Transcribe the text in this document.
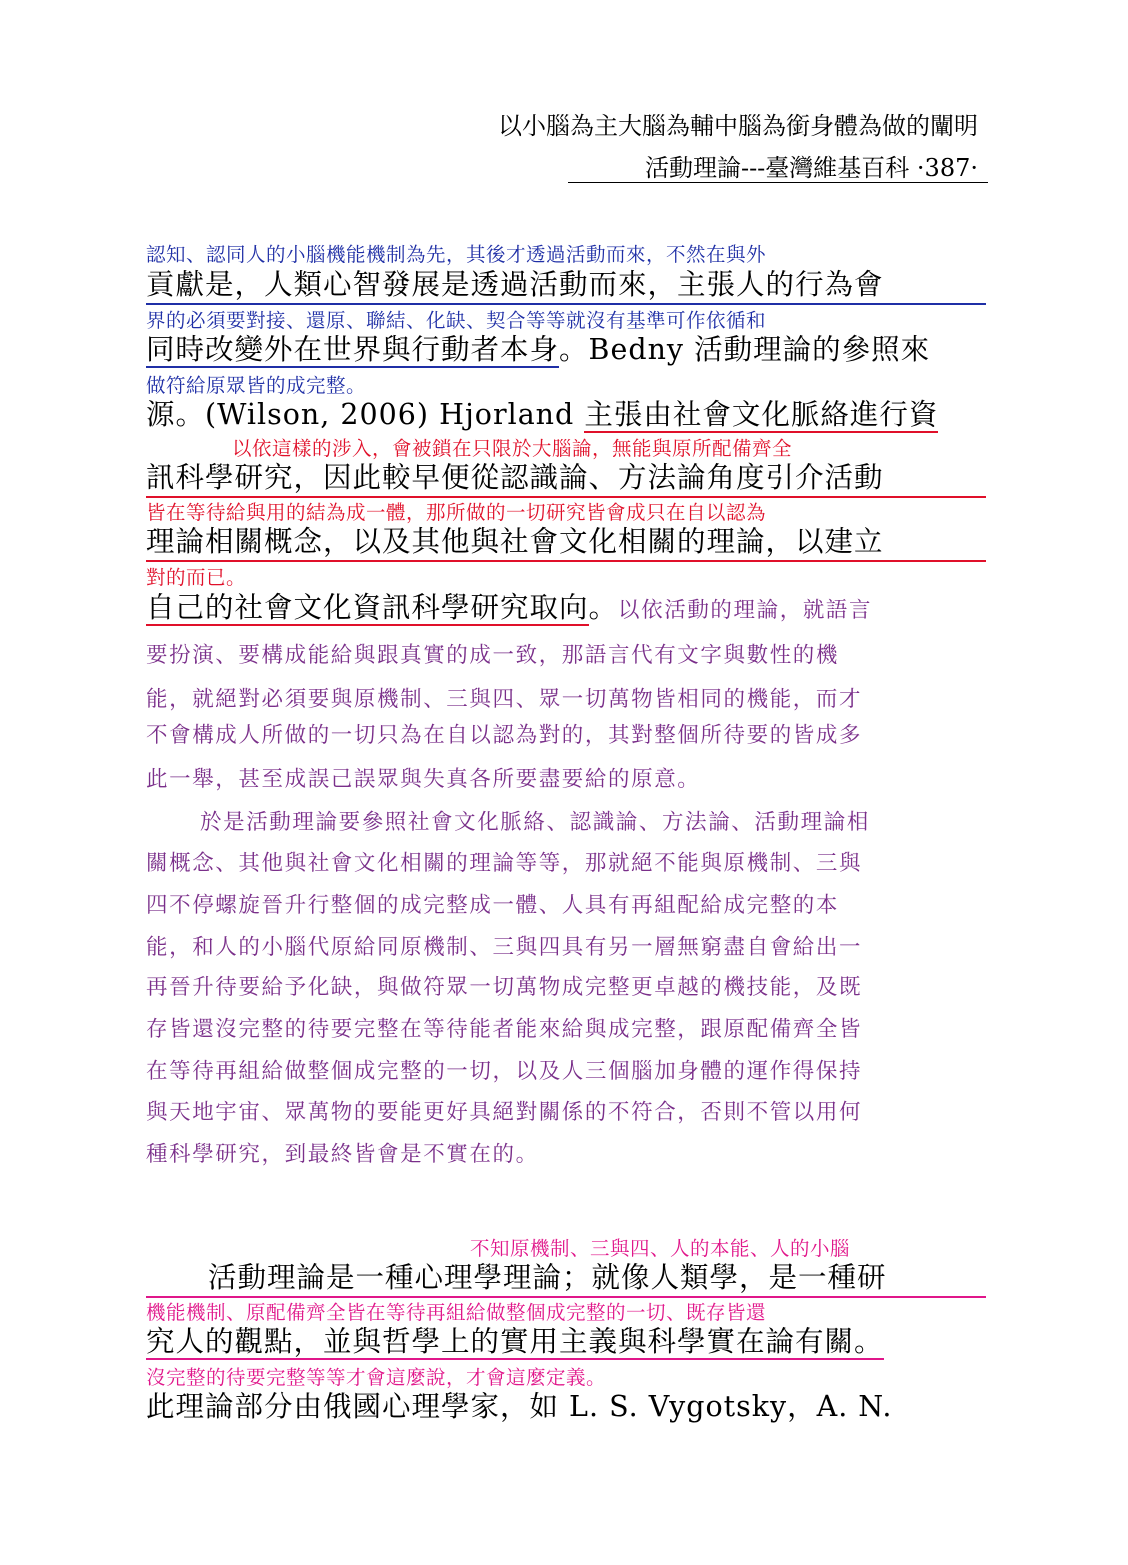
以小腦為主大腦為輔中腦為銜身體為做的闡明
活動理論---臺灣維基百科 ·387·
認知、認同人的小腦機能機制為先，其後才透過活動而來，不然在與外
貢獻是，人類心智發展是透過活動而來，主張人的行為會
界的必須要對接、還原、聯結、化缺、契合等等就沒有基準可作依循和
同時改變外在世界與行動者本身。Bedny 活動理論的參照來
做符給原眾皆的成完整。
源。(Wilson, 2006) Hjorland 主張由社會文化脈絡進行資
以依這樣的涉入，會被鎖在只限於大腦論，無能與原所配備齊全
訊科學研究，因此較早便從認識論、方法論角度引介活動
皆在等待給與用的結為成一體，那所做的一切研究皆會成只在自以認為
理論相關概念，以及其他與社會文化相關的理論，以建立
對的而已。
自己的社會文化資訊科學研究取向。以依活動的理論，就語言
要扮演、要構成能給與跟真實的成一致，那語言代有文字與數性的機
能，就絕對必須要與原機制、三與四、眾一切萬物皆相同的機能，而才
不會構成人所做的一切只為在自以認為對的，其對整個所待要的皆成多
此一舉，甚至成誤己誤眾與失真各所要盡要給的原意。
於是活動理論要參照社會文化脈絡、認識論、方法論、活動理論相
關概念、其他與社會文化相關的理論等等，那就絕不能與原機制、三與
四不停螺旋晉升行整個的成完整成一體、人具有再組配給成完整的本
能，和人的小腦代原給同原機制、三與四具有另一層無窮盡自會給出一
再晉升待要給予化缺，與做符眾一切萬物成完整更卓越的機技能，及既
存皆還沒完整的待要完整在等待能者能來給與成完整，跟原配備齊全皆
在等待再組給做整個成完整的一切，以及人三個腦加身體的運作得保持
與天地宇宙、眾萬物的要能更好具絕對關係的不符合，否則不管以用何
種科學研究，到最終皆會是不實在的。
不知原機制、三與四、人的本能、人的小腦
活動理論是一種心理學理論；就像人類學，是一種研
機能機制、原配備齊全皆在等待再組給做整個成完整的一切、既存皆還
究人的觀點，並與哲學上的實用主義與科學實在論有關。
沒完整的待要完整等等才會這麼說，才會這麼定義。
此理論部分由俄國心理學家，如 L. S. Vygotsky，A. N.
